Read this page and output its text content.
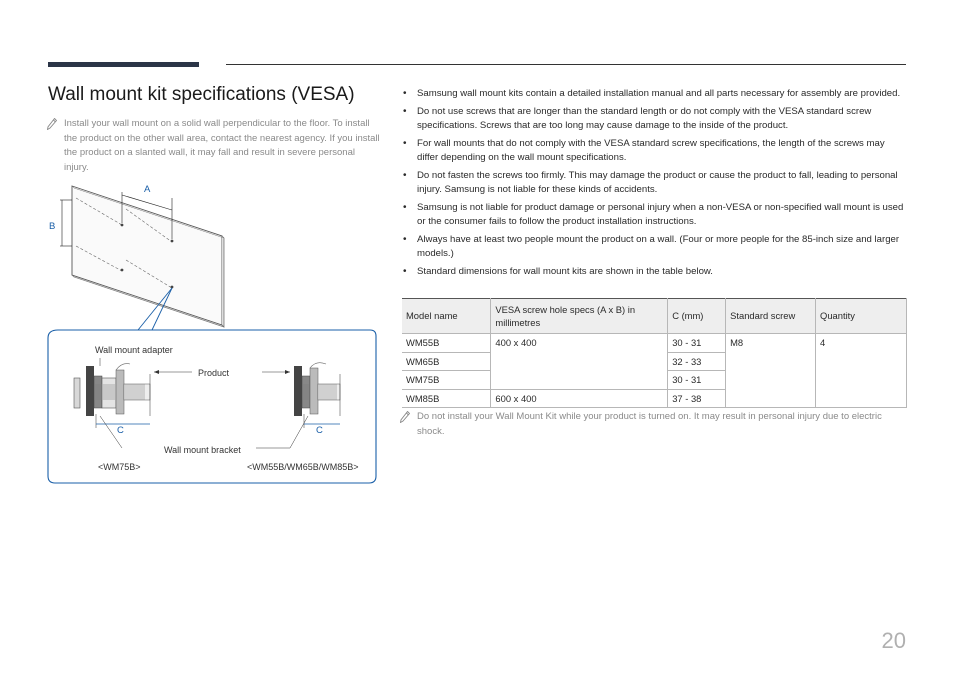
Wall mount kit specifications (VESA)
Install your wall mount on a solid wall perpendicular to the floor. To install the product on the other wall area, contact the nearest agency. If you install the product on a slanted wall, it may fall and result in severe personal injury.
A
B
Wall mount adapter
Product
Wall mount bracket
C
<WM75B>
C
<WM55B/WM65B/WM85B>
• Samsung wall mount kits contain a detailed installation manual and all parts necessary for assembly are provided.
• Do not use screws that are longer than the standard length or do not comply with the VESA standard screw specifications. Screws that are too long may cause damage to the inside of the product.
• For wall mounts that do not comply with the VESA standard screw specifications, the length of the screws may differ depending on the wall mount specifications.
• Do not fasten the screws too firmly. This may damage the product or cause the product to fall, leading to personal injury. Samsung is not liable for these kinds of accidents.
• Samsung is not liable for product damage or personal injury when a non-VESA or non-specified wall mount is used or the consumer fails to follow the product installation instructions.
• Always have at least two people mount the product on a wall. (Four or more people for the 85-inch size and larger models.)
• Standard dimensions for wall mount kits are shown in the table below.
Model name	VESA screw hole specs (A x B) in millimetres	C (mm)	Standard screw	Quantity
WM55B	400 x 400	30 - 31	M8	4
WM65B		32 - 33		
WM75B		30 - 31		
WM85B	600 x 400	37 - 38		
Do not install your Wall Mount Kit while your product is turned on. It may result in personal injury due to electric shock.
20
